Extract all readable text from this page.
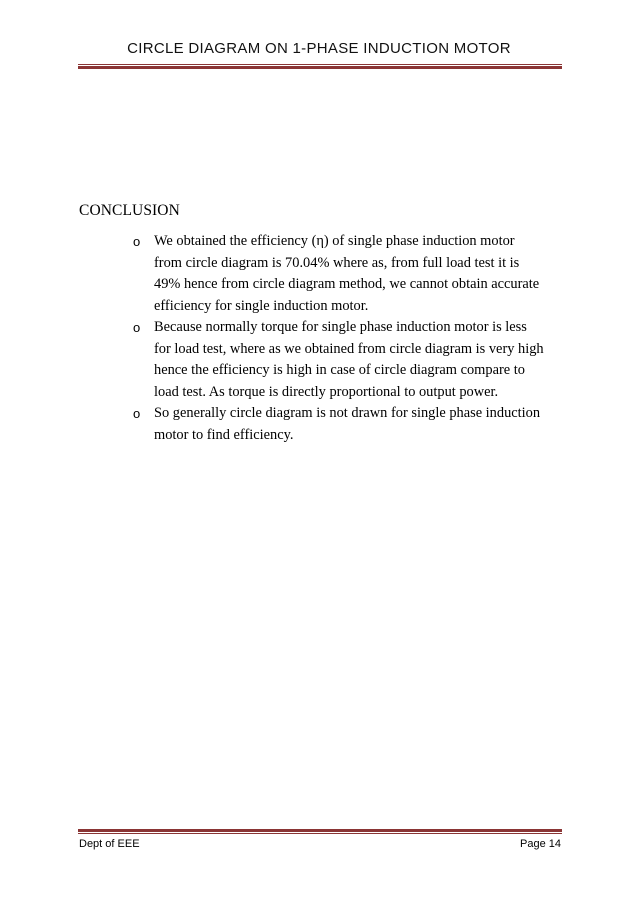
CIRCLE DIAGRAM ON 1-PHASE INDUCTION MOTOR
CONCLUSION
o We obtained the efficiency (η) of single phase induction motor
from circle diagram is 70.04% where as, from full load test it is
49% hence from circle diagram method, we cannot obtain accurate
efficiency for single induction motor.
o Because normally torque for single phase induction motor is less
for load test, where as we obtained from circle diagram is very high
hence the efficiency is high in case of circle diagram compare to
load test. As torque is directly proportional to output power.
o So generally circle diagram is not drawn for single phase induction
motor to find efficiency.
Dept of EEE	Page 14
